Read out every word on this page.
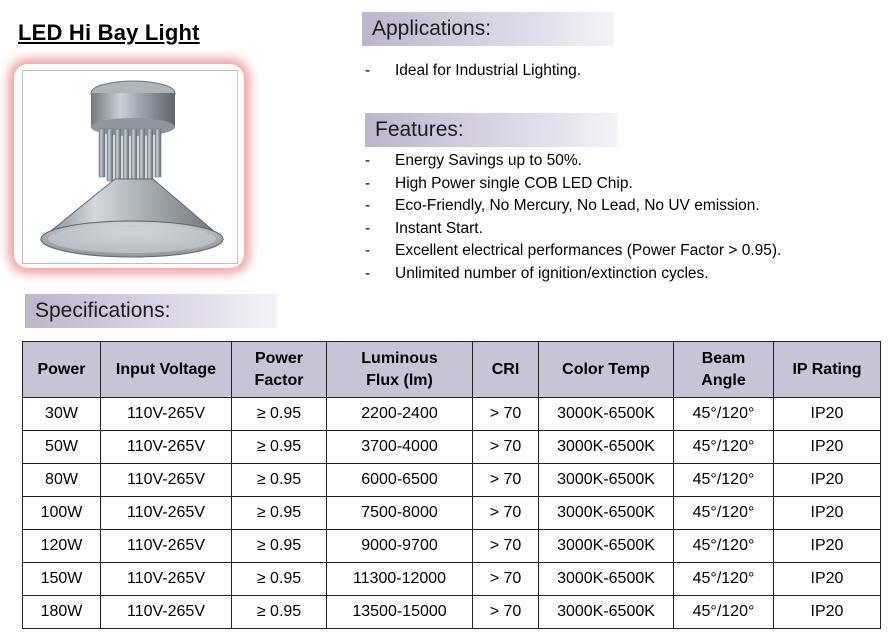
LED Hi Bay Light	Applications:
- Ideal for Industrial Lighting.
Features:
- Energy Savings up to 50%.
- High Power single COB LED Chip.
- Eco-Friendly, No Mercury, No Lead, No UV emission.
- Instant Start.
- Excellent electrical performances (Power Factor > 0.95).
- Unlimited number of ignition/extinction cycles.
Specifications:
Power	Input Voltage	Power Factor	Luminous Flux (lm)	CRI	Color Temp	Beam Angle	IP Rating
30W	110V-265V	≥ 0.95	2200-2400	> 70	3000K-6500K	45°/120°	IP20
50W	110V-265V	≥ 0.95	3700-4000	> 70	3000K-6500K	45°/120°	IP20
80W	110V-265V	≥ 0.95	6000-6500	> 70	3000K-6500K	45°/120°	IP20
100W	110V-265V	≥ 0.95	7500-8000	> 70	3000K-6500K	45°/120°	IP20
120W	110V-265V	≥ 0.95	9000-9700	> 70	3000K-6500K	45°/120°	IP20
150W	110V-265V	≥ 0.95	11300-12000	> 70	3000K-6500K	45°/120°	IP20
180W	110V-265V	≥ 0.95	13500-15000	> 70	3000K-6500K	45°/120°	IP20
